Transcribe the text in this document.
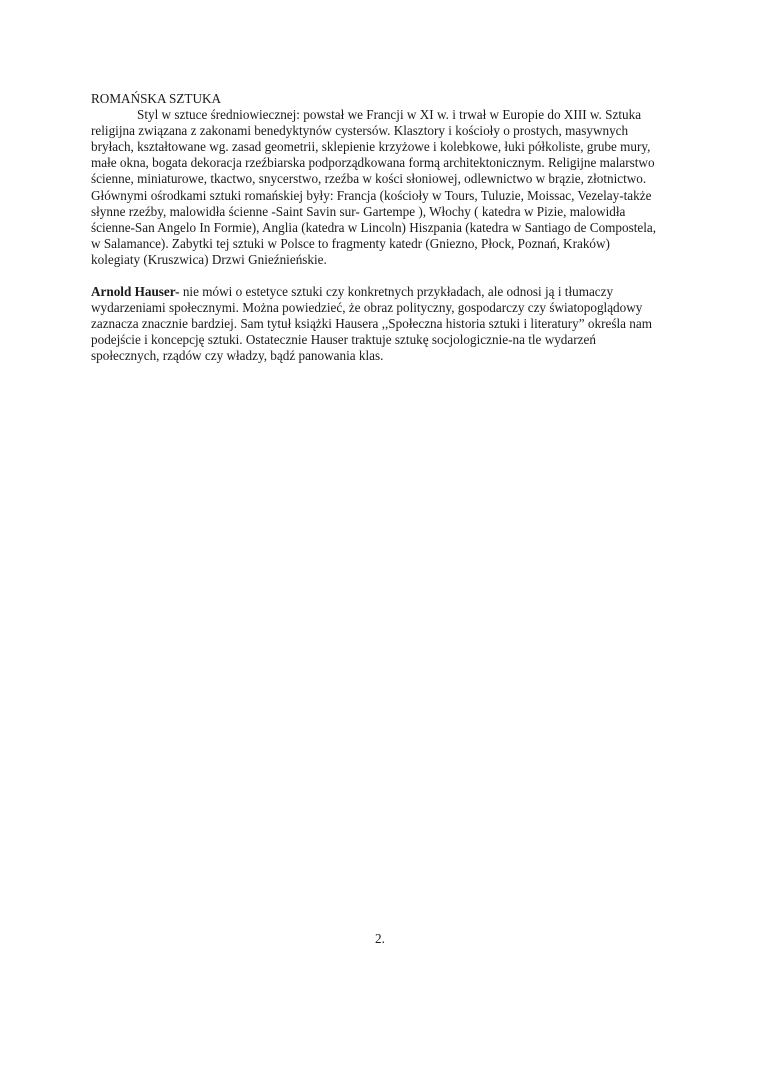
ROMAŃSKA SZTUKA

Styl w sztuce średniowiecznej: powstał we Francji w XI w. i trwał w Europie do XIII w. Sztuka religijna związana z zakonami benedyktynów cystersów. Klasztory i kościoły o prostych, masywnych bryłach, kształtowane wg. zasad geometrii, sklepienie krzyżowe i kolebkowe, łuki półkoliste, grube mury, małe okna, bogata dekoracja rzeźbiarska podporządkowana formą architektonicznym. Religijne malarstwo ścienne, miniaturowe, tkactwo, snycerstwo, rzeźba w kości słoniowej, odlewnictwo w brązie, złotnictwo. Głównymi ośrodkami sztuki romańskiej były: Francja (kościoły w Tours, Tuluzie, Moissac, Vezelay-także słynne rzeźby, malowidła ścienne -Saint Savin sur- Gartempe ), Włochy ( katedra w Pizie, malowidła ścienne-San Angelo In Formie), Anglia (katedra w Lincoln) Hiszpania (katedra w Santiago de Compostela, w Salamance). Zabytki tej sztuki w Polsce to fragmenty katedr (Gniezno, Płock, Poznań, Kraków) kolegiaty (Kruszwica) Drzwi Gnieźnieńskie.

Arnold Hauser- nie mówi o estetyce sztuki czy konkretnych przykładach, ale odnosi ją i tłumaczy wydarzeniami społecznymi. Można powiedzieć, że obraz polityczny, gospodarczy czy światopoglądowy zaznacza znacznie bardziej. Sam tytuł książki Hausera ,,Społeczna historia sztuki i literatury” określa nam podejście i koncepcję sztuki. Ostatecznie Hauser traktuje sztukę socjologicznie-na tle wydarzeń społecznych, rządów czy władzy, bądź panowania klas.

2.
